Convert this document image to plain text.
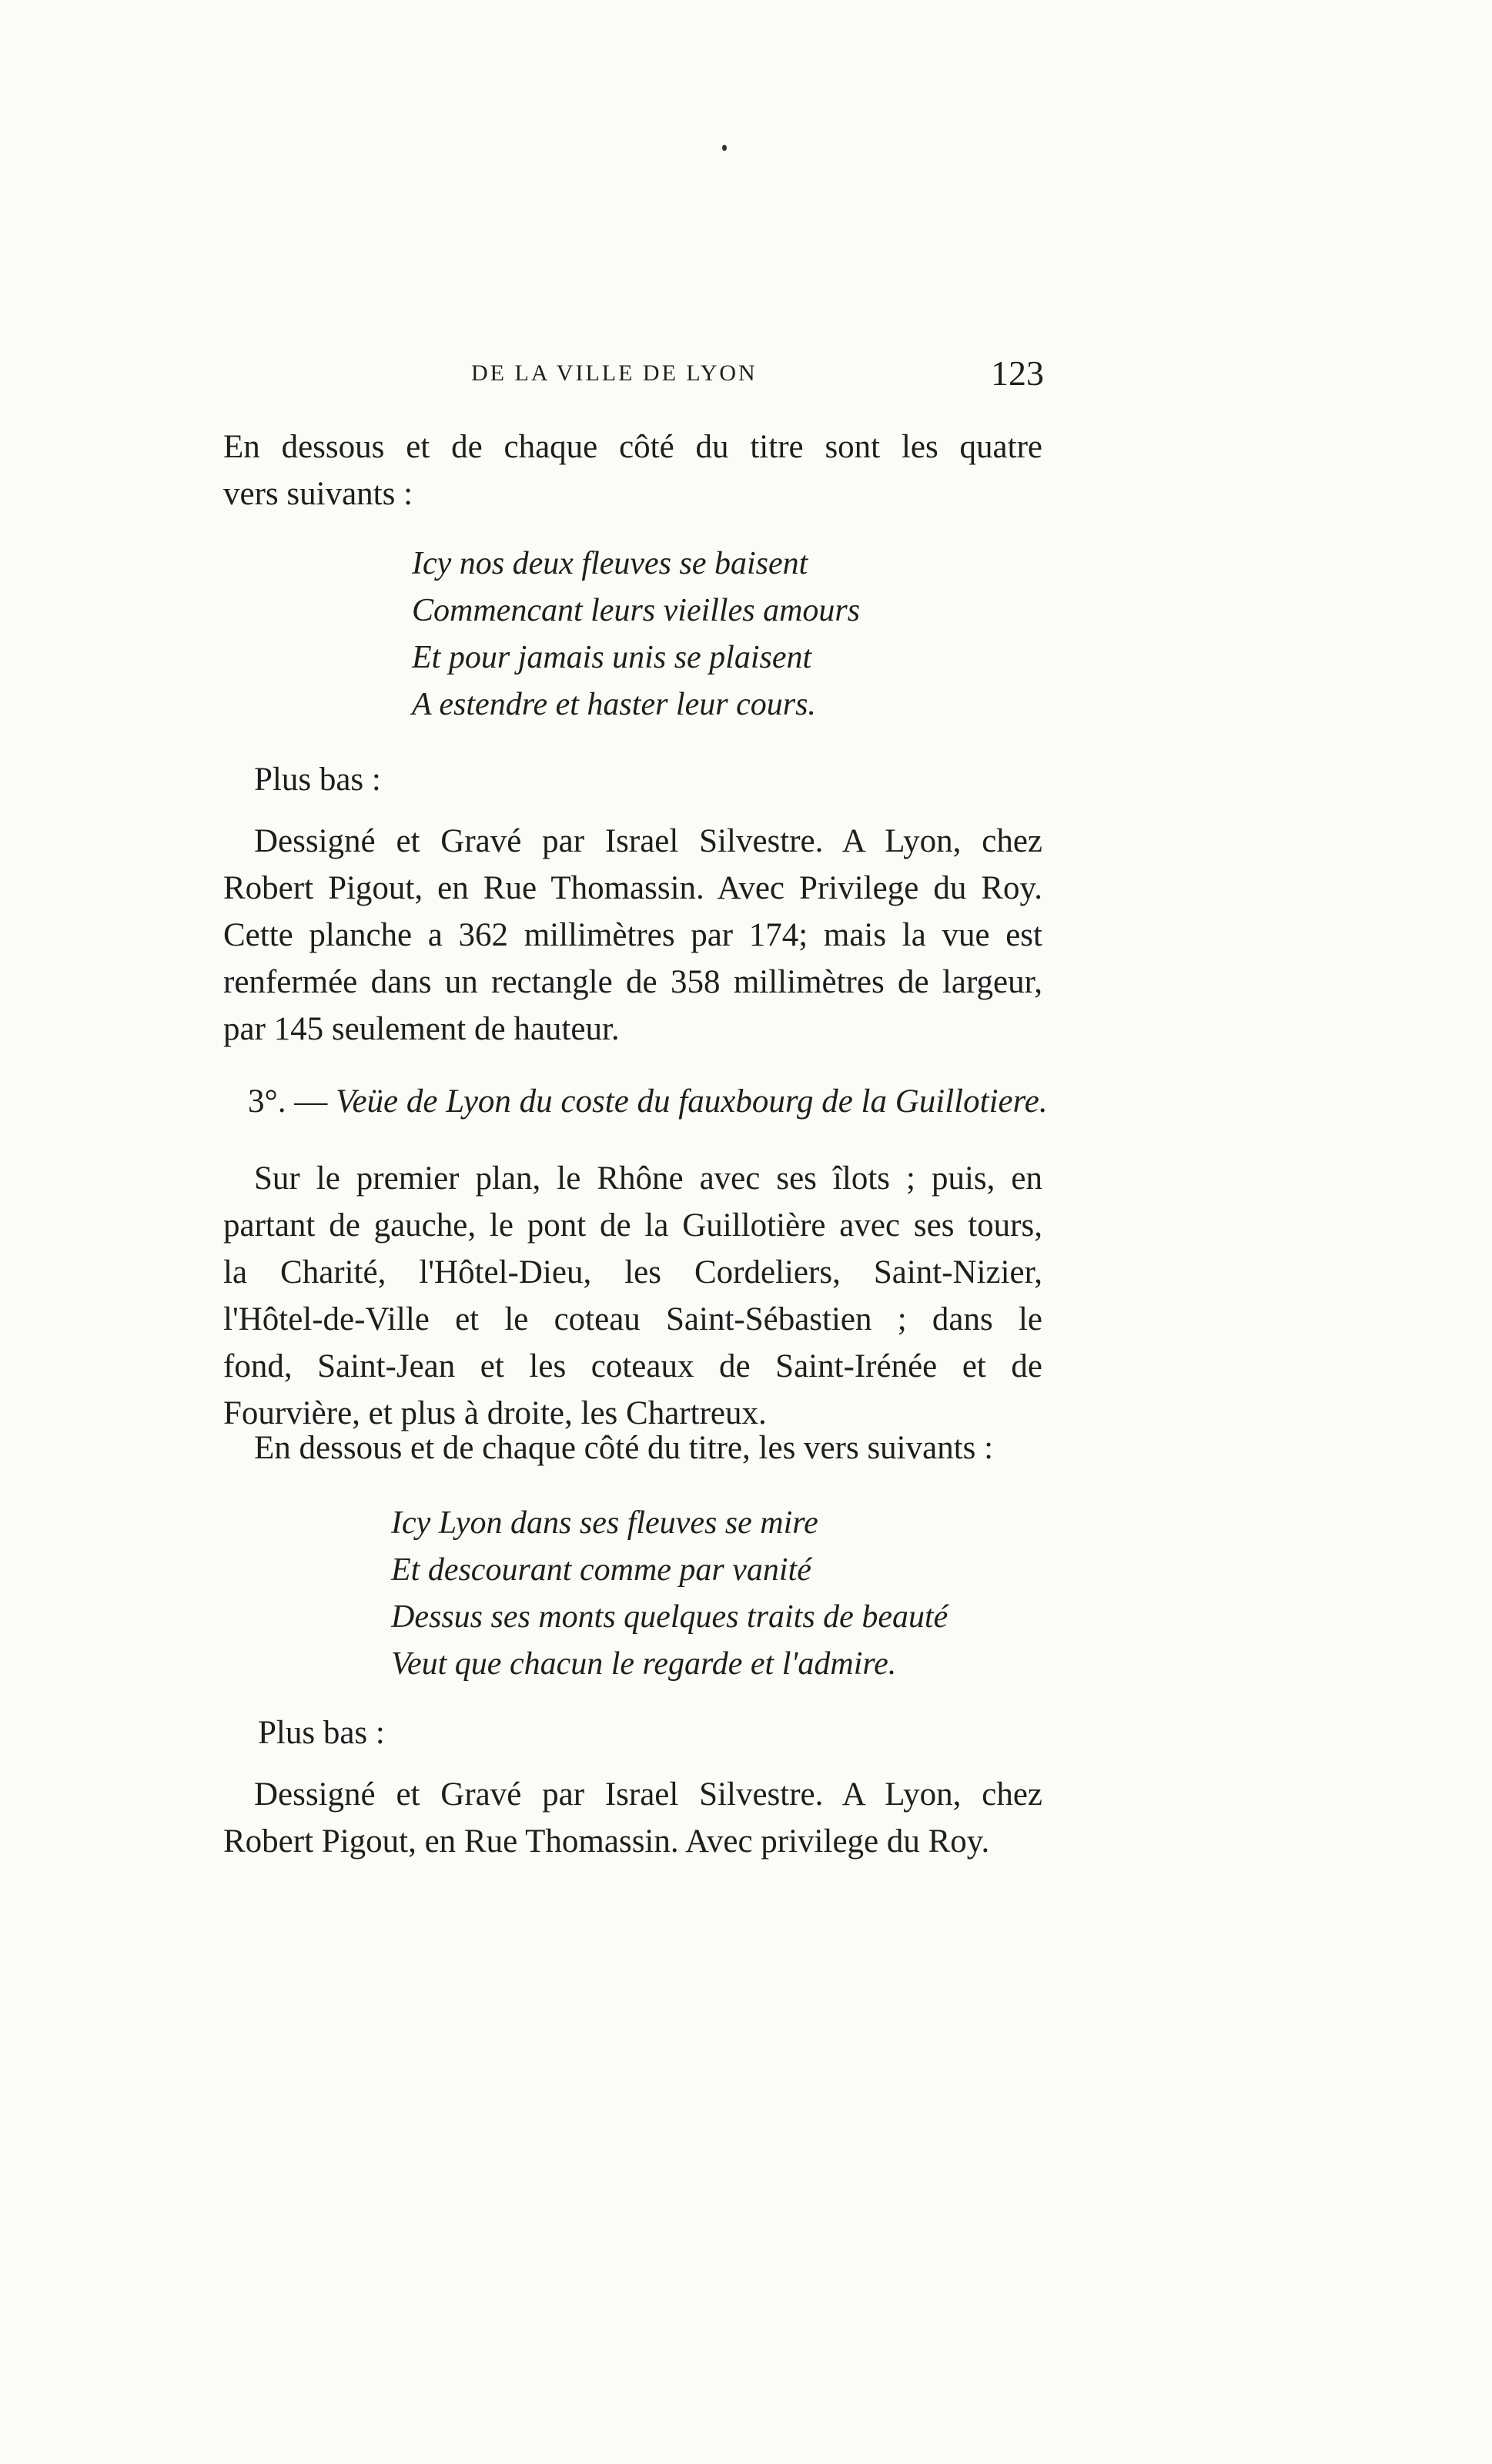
DE LA VILLE DE LYON	123

En dessous et de chaque côté du titre sont les quatre
vers suivants :

Icy nos deux fleuves se baisent
Commencant leurs vieilles amours
Et pour jamais unis se plaisent
A estendre et haster leur cours.
Plus bas :

Dessigné et Gravé par Israel Silvestre. A Lyon, chez
Robert Pigout, en Rue Thomassin. Avec Privilege du Roy.
Cette planche a 362 millimètres par 174; mais la vue est
renfermée dans un rectangle de 358 millimètres de largeur,
par 145 seulement de hauteur.

3°. — Veüe de Lyon du coste du fauxbourg de la Guillotiere.

Sur le premier plan, le Rhône avec ses îlots ; puis, en
partant de gauche, le pont de la Guillotière avec ses tours,
la Charité, l'Hôtel-Dieu, les Cordeliers, Saint-Nizier,
l'Hôtel-de-Ville et le coteau Saint-Sébastien ; dans le
fond, Saint-Jean et les coteaux de Saint-Irénée et de
Fourvière, et plus à droite, les Chartreux.

En dessous et de chaque côté du titre, les vers suivants :
Icy Lyon dans ses fleuves se mire
Et descourant comme par vanité
Dessus ses monts quelques traits de beauté
Veut que chacun le regarde et l'admire.
Plus bas :

Dessigné et Gravé par Israel Silvestre. A Lyon, chez
Robert Pigout, en Rue Thomassin. Avec privilege du Roy.
